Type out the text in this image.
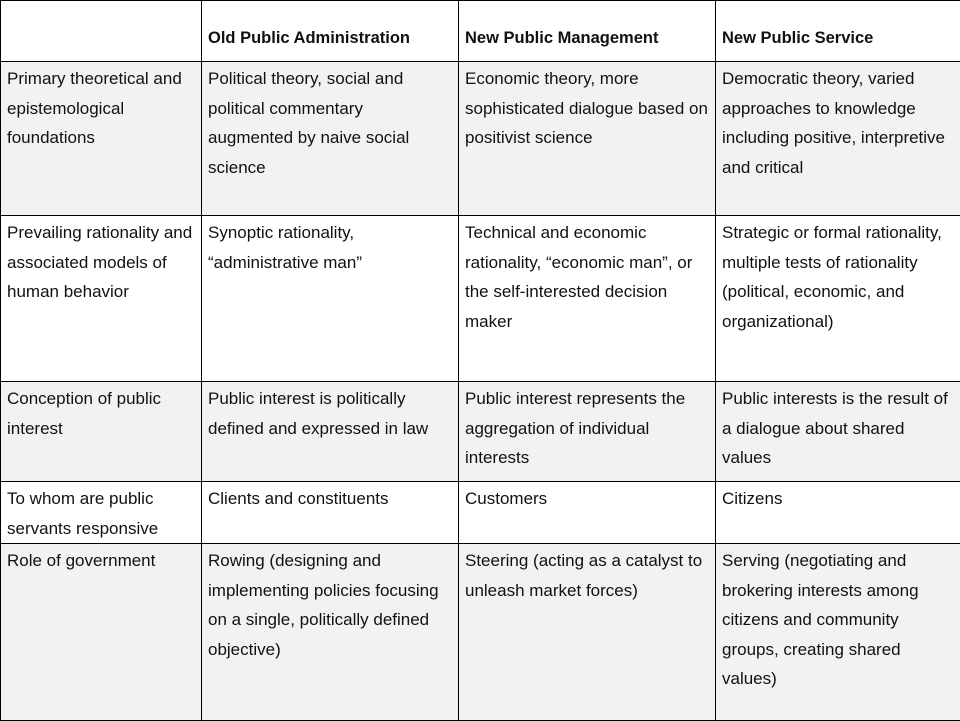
	Old Public Administration	New Public Management	New Public Service
Primary theoretical and epistemological foundations	Political theory, social and political commentary augmented by naive social science	Economic theory, more sophisticated dialogue based on positivist science	Democratic theory, varied approaches to knowledge including positive, interpretive and critical
Prevailing rationality and associated models of human behavior	Synoptic rationality, “administrative man”	Technical and economic rationality, “economic man”, or the self-interested decision maker	Strategic or formal rationality, multiple tests of rationality (political, economic, and organizational)
Conception of public interest	Public interest is politically defined and expressed in law	Public interest represents the aggregation of individual interests	Public interests is the result of a dialogue about shared values
To whom are public servants responsive	Clients and constituents	Customers	Citizens
Role of government	Rowing (designing and implementing policies focusing on a single, politically defined objective)	Steering (acting as a catalyst to unleash market forces)	Serving (negotiating and brokering interests among citizens and community groups, creating shared values)
